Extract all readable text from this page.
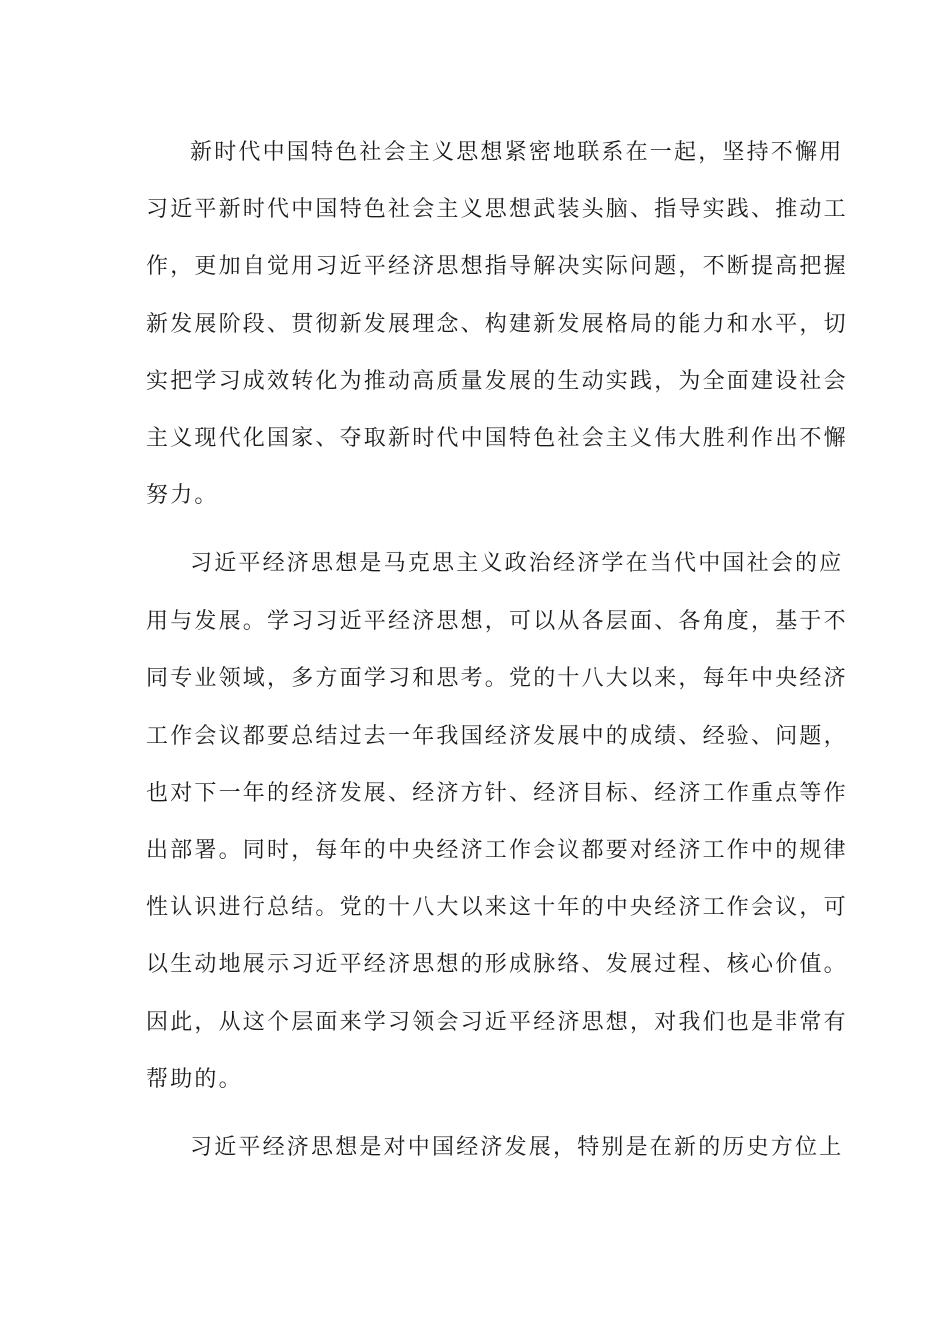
新时代中国特色社会主义思想紧密地联系在一起，坚持不懈用
习近平新时代中国特色社会主义思想武装头脑、指导实践、推动工
作，更加自觉用习近平经济思想指导解决实际问题，不断提高把握
新发展阶段、贯彻新发展理念、构建新发展格局的能力和水平，切
实把学习成效转化为推动高质量发展的生动实践，为全面建设社会
主义现代化国家、夺取新时代中国特色社会主义伟大胜利作出不懈
努力。
习近平经济思想是马克思主义政治经济学在当代中国社会的应
用与发展。学习习近平经济思想，可以从各层面、各角度，基于不
同专业领域，多方面学习和思考。党的十八大以来，每年中央经济
工作会议都要总结过去一年我国经济发展中的成绩、经验、问题，
也对下一年的经济发展、经济方针、经济目标、经济工作重点等作
出部署。同时，每年的中央经济工作会议都要对经济工作中的规律
性认识进行总结。党的十八大以来这十年的中央经济工作会议，可
以生动地展示习近平经济思想的形成脉络、发展过程、核心价值。
因此，从这个层面来学习领会习近平经济思想，对我们也是非常有
帮助的。
习近平经济思想是对中国经济发展，特别是在新的历史方位上
